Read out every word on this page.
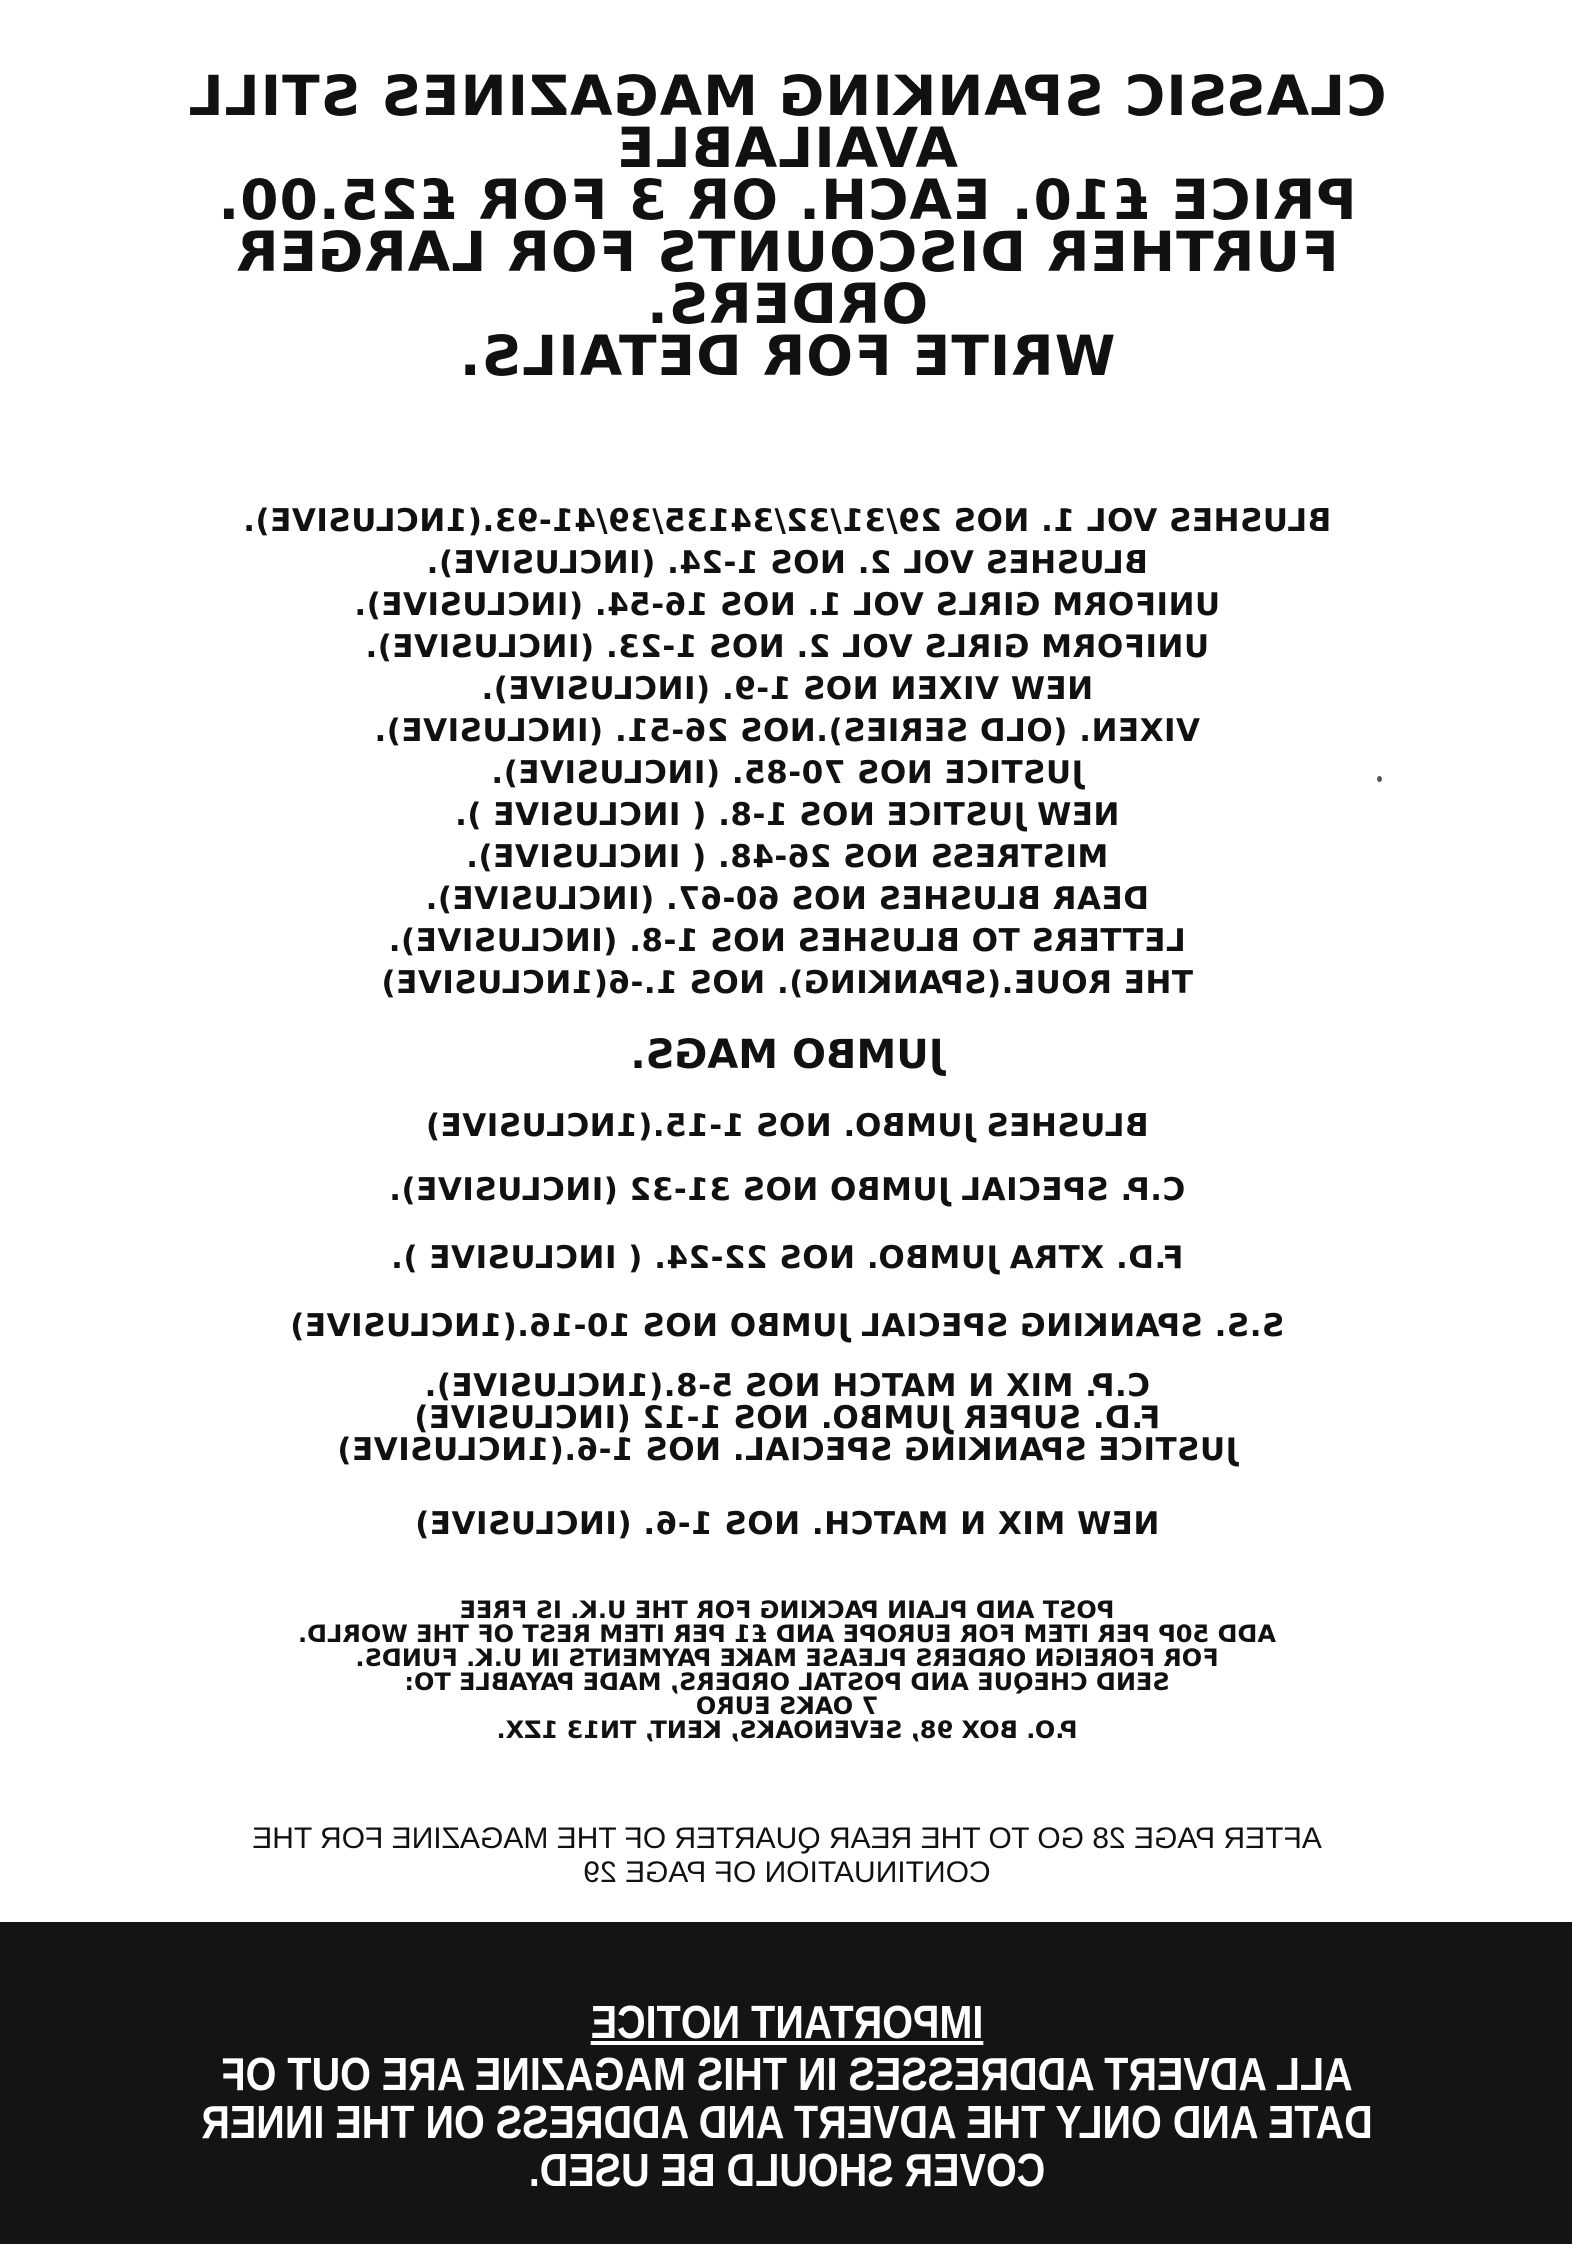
CLASSIC SPANKING MAGAZINES STILL
AVAILABLE
PRICE £10. EACH. OR 3 FOR £25.00.
FURTHER DISCOUNTS FOR LARGER
ORDERS.
WRITE FOR DETAILS.
BLUSHES VOL 1. NOS 29/31/32/34135/39/41-93.(1NCLUSIVE).
BLUSHES VOL 2. NOS 1-24. (INCLUSIVE).
UNIFORM GIRLS VOL 1. NOS 16-54. (INCLUSIVE).
UNIFORM GIRLS VOL 2. NOS 1-23. (INCLUSIVE).
NEW VIXEN NOS 1-9. (INCLUSIVE).
VIXEN. (OLD SERIES).NOS 26-51. (INCLUSIVE).
JUSTICE NOS 70-85. (INCLUSIVE).
NEW JUSTICE NOS 1-8. ( INCLUSIVE ).
MISTRESS NOS 26-48. ( INCLUSIVE).
DEAR BLUSHES NOS 60-67. (INCLUSIVE).
LETTERS TO BLUSHES NOS 1-8. (INCLUSIVE).
THE ROUE.(SPANKING). NOS 1.-6(1NCLUSIVE)
JUMBO MAGS.
BLUSHES JUMBO. NOS 1-15.(1NCLUSIVE)
C.P. SPECIAL JUMBO NOS 31-32 (INCLUSIVE).
F.D. XTRA JUMBO. NOS 22-24. ( INCLUSIVE ).
S.S. SPANKING SPECIAL JUMBO NOS 10-16.(1NCLUSIVE)
C.P. MIX N MATCH NOS 5-8.(1NCLUSIVE).
F.D. SUPER JUMBO. NOS 1-12 (INCLUSIVE)
JUSTICE SPANKING SPECIAL. NOS 1-6.(1NCLUSIVE)
NEW MIX N MATCH. NOS 1-6. (INCLUSIVE)
POST AND PLAIN PACKING FOR THE U.K. IS FREE
ADD 50P PER ITEM FOR EUROPE AND £1 PER ITEM REST OF THE WORLD.
FOR FOREIGN ORDERS PLEASE MAKE PAYMENTS IN U.K. FUNDS.
SEND CHEQUE AND POSTAL ORDERS, MADE PAYABLE TO:
7 OAKS EURO
P.O. BOX 98, SEVENOAKS, KENT, TN13 1ZX.
AFTER PAGE 28 GO TO THE REAR QUARTER OF THE MAGAZINE FOR THE
CONTINUATION OF PAGE 29
IMPORTANT NOTICE
ALL ADVERT ADDRESSES IN THIS MAGAZINE ARE OUT OF
DATE AND ONLY THE ADVERT AND ADDRESS ON THE INNER
COVER SHOULD BE USED.
